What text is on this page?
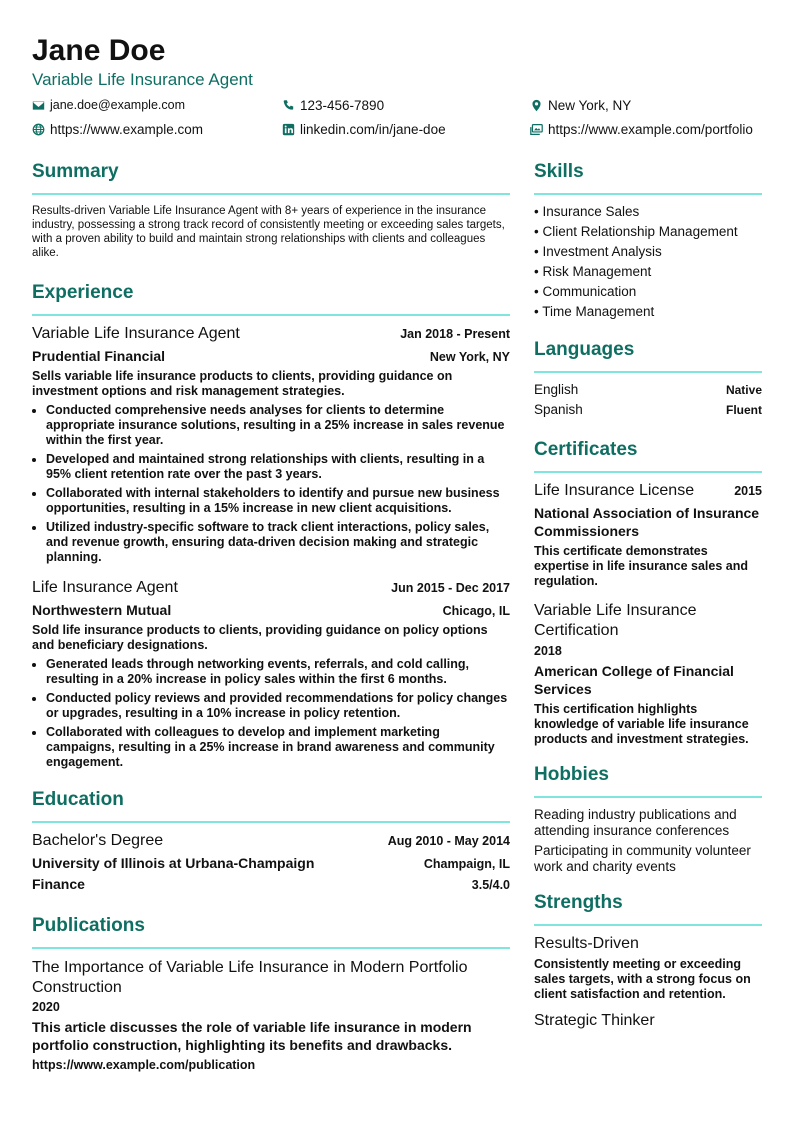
Jane Doe
Variable Life Insurance Agent
jane.doe@example.com	123-456-7890	New York, NY
https://www.example.com	linkedin.com/in/jane-doe	https://www.example.com/portfolio
Summary
Results-driven Variable Life Insurance Agent with 8+ years of experience in the insurance industry, possessing a strong track record of consistently meeting or exceeding sales targets, with a proven ability to build and maintain strong relationships with clients and colleagues alike.
Experience
Variable Life Insurance Agent	Jan 2018 - Present
Prudential Financial	New York, NY
Sells variable life insurance products to clients, providing guidance on investment options and risk management strategies.
• Conducted comprehensive needs analyses for clients to determine appropriate insurance solutions, resulting in a 25% increase in sales revenue within the first year.
• Developed and maintained strong relationships with clients, resulting in a 95% client retention rate over the past 3 years.
• Collaborated with internal stakeholders to identify and pursue new business opportunities, resulting in a 15% increase in new client acquisitions.
• Utilized industry-specific software to track client interactions, policy sales, and revenue growth, ensuring data-driven decision making and strategic planning.
Life Insurance Agent	Jun 2015 - Dec 2017
Northwestern Mutual	Chicago, IL
Sold life insurance products to clients, providing guidance on policy options and beneficiary designations.
• Generated leads through networking events, referrals, and cold calling, resulting in a 20% increase in policy sales within the first 6 months.
• Conducted policy reviews and provided recommendations for policy changes or upgrades, resulting in a 10% increase in policy retention.
• Collaborated with colleagues to develop and implement marketing campaigns, resulting in a 25% increase in brand awareness and community engagement.
Education
Bachelor's Degree	Aug 2010 - May 2014
University of Illinois at Urbana-Champaign	Champaign, IL
Finance	3.5/4.0
Publications
The Importance of Variable Life Insurance in Modern Portfolio Construction
2020
This article discusses the role of variable life insurance in modern portfolio construction, highlighting its benefits and drawbacks.
https://www.example.com/publication
Skills
• Insurance Sales
• Client Relationship Management
• Investment Analysis
• Risk Management
• Communication
• Time Management
Languages
English	Native
Spanish	Fluent
Certificates
Life Insurance License	2015
National Association of Insurance Commissioners
This certificate demonstrates expertise in life insurance sales and regulation.
Variable Life Insurance Certification
2018
American College of Financial Services
This certification highlights knowledge of variable life insurance products and investment strategies.
Hobbies
Reading industry publications and attending insurance conferences
Participating in community volunteer work and charity events
Strengths
Results-Driven
Consistently meeting or exceeding sales targets, with a strong focus on client satisfaction and retention.
Strategic Thinker
